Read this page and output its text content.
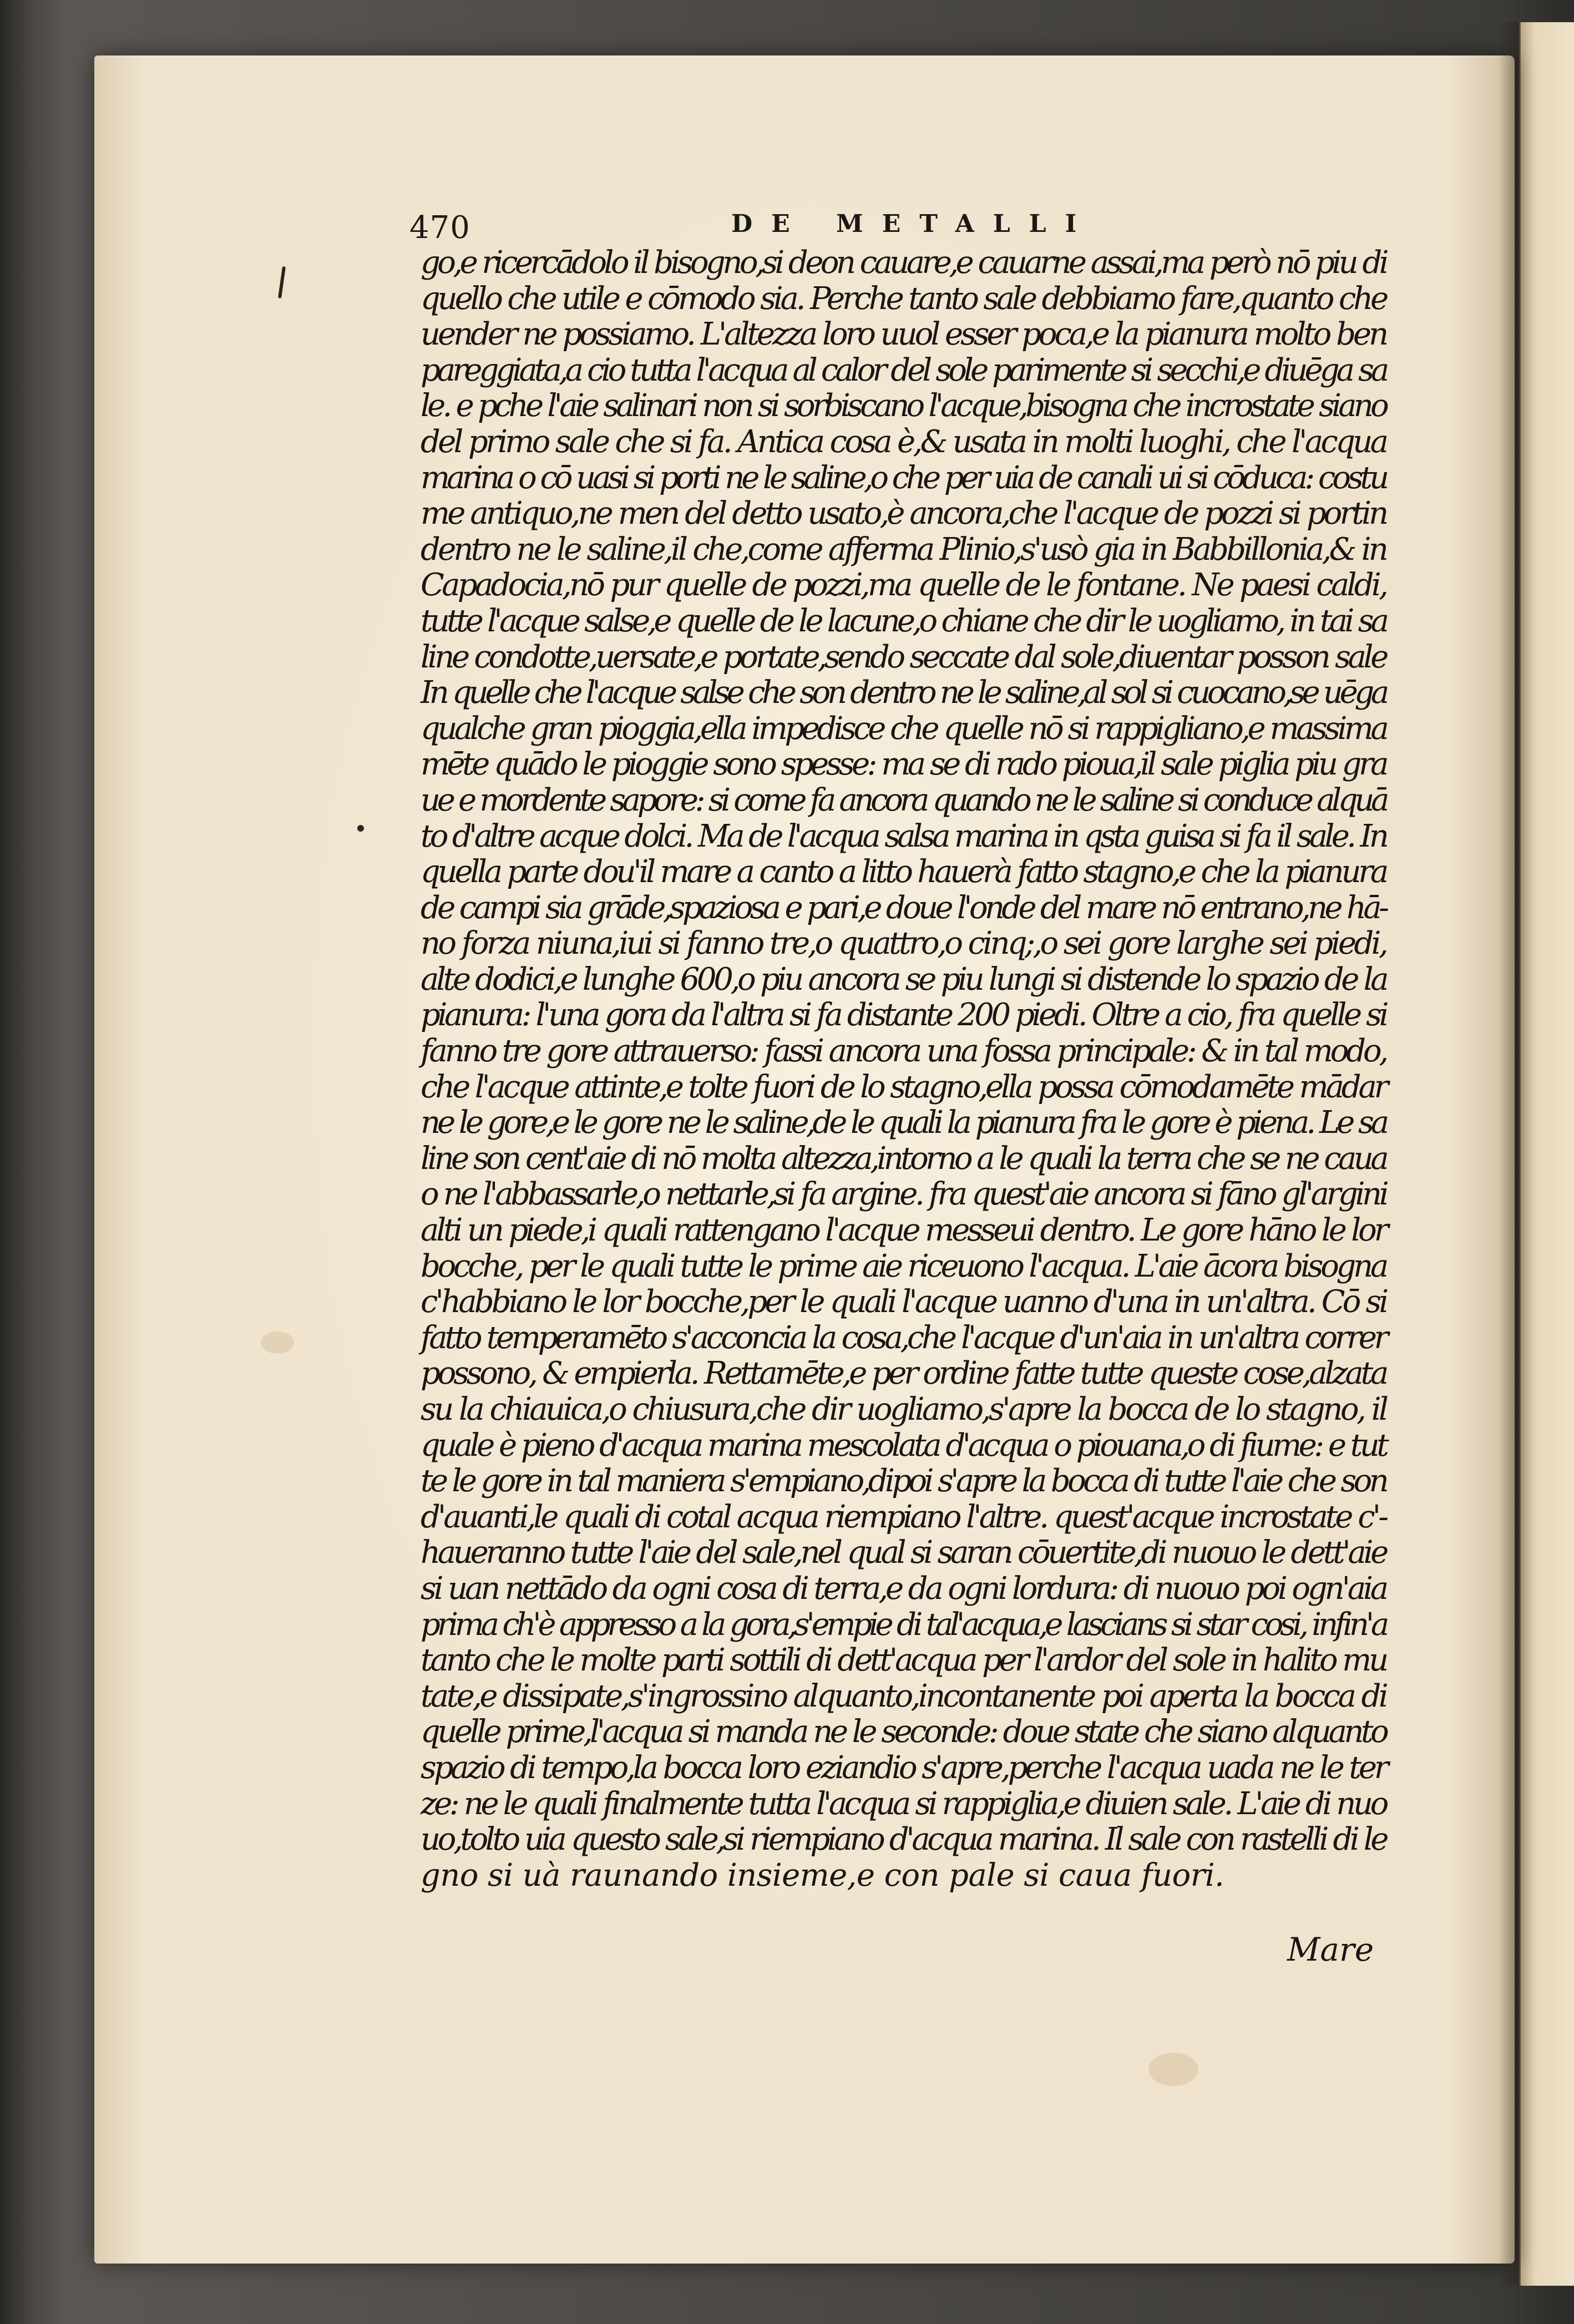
470	DE METALLI
go,e ricercādolo il bisogno,si deon cauare,e cauarne assai,ma però nō piu di
quello che utile e cōmodo sia. Perche tanto sale debbiamo fare,quanto che
uender ne possiamo. L'altezza loro uuol esser poca,e la pianura molto ben
pareggiata,a cio tutta l'acqua al calor del sole parimente si secchi,e diuēga sa
le. e pche l'aie salinari non si sorbiscano l'acque,bisogna che incrostate siano
del primo sale che si fa. Antica cosa è,& usata in molti luoghi, che l'acqua
marina o cō uasi si porti ne le saline,o che per uia de canali ui si cōduca: costu
me antiquo,ne men del detto usato,è ancora,che l'acque de pozzi si portin
dentro ne le saline,il che,come afferma Plinio,s'usò gia in Babbillonia,& in
Capadocia,nō pur quelle de pozzi,ma quelle de le fontane. Ne paesi caldi,
tutte l'acque salse,e quelle de le lacune,o chiane che dir le uogliamo, in tai sa
line condotte,uersate,e portate,sendo seccate dal sole,diuentar posson sale
In quelle che l'acque salse che son dentro ne le saline,al sol si cuocano,se uēga
qualche gran pioggia,ella impedisce che quelle nō si rappigliano,e massima
mēte quādo le pioggie sono spesse: ma se di rado pioua,il sale piglia piu gra
ue e mordente sapore: si come fa ancora quando ne le saline si conduce alquā
to d'altre acque dolci. Ma de l'acqua salsa marina in qsta guisa si fa il sale. In
quella parte dou'il mare a canto a litto hauerà fatto stagno,e che la pianura
de campi sia grāde,spaziosa e pari,e doue l'onde del mare nō entrano,ne hā-
no forza niuna,iui si fanno tre,o quattro,o cinq;,o sei gore larghe sei piedi,
alte dodici,e lunghe 600,o piu ancora se piu lungi si distende lo spazio de la
pianura: l'una gora da l'altra si fa distante 200 piedi. Oltre a cio, fra quelle si
fanno tre gore attrauerso: fassi ancora una fossa principale: & in tal modo,
che l'acque attinte,e tolte fuori de lo stagno,ella possa cōmodamēte mādar
ne le gore,e le gore ne le saline,de le quali la pianura fra le gore è piena. Le sa
line son cent'aie di nō molta altezza,intorno a le quali la terra che se ne caua
o ne l'abbassarle,o nettarle,si fa argine. fra quest'aie ancora si fāno gl'argini
alti un piede,i quali rattengano l'acque messeui dentro. Le gore hāno le lor
bocche, per le quali tutte le prime aie riceuono l'acqua. L'aie ācora bisogna
c'habbiano le lor bocche,per le quali l'acque uanno d'una in un'altra. Cō si
fatto temperamēto s'acconcia la cosa,che l'acque d'un'aia in un'altra correr
possono, & empierla. Rettamēte,e per ordine fatte tutte queste cose,alzata
su la chiauica,o chiusura,che dir uogliamo,s'apre la bocca de lo stagno, il
quale è pieno d'acqua marina mescolata d'acqua o piouana,o di fiume: e tut
te le gore in tal maniera s'empiano,dipoi s'apre la bocca di tutte l'aie che son
d'auanti,le quali di cotal acqua riempiano l'altre. quest'acque incrostate c'-
haueranno tutte l'aie del sale,nel qual si saran cōuertite,di nuouo le dett'aie
si uan nettādo da ogni cosa di terra,e da ogni lordura: di nuouo poi ogn'aia
prima ch'è appresso a la gora,s'empie di tal'acqua,e lascians si star cosi, infin'a
tanto che le molte parti sottili di dett'acqua per l'ardor del sole in halito mu
tate,e dissipate,s'ingrossino alquanto,incontanente poi aperta la bocca di
quelle prime,l'acqua si manda ne le seconde: doue state che siano alquanto
spazio di tempo,la bocca loro eziandio s'apre,perche l'acqua uada ne le ter
ze: ne le quali finalmente tutta l'acqua si rappiglia,e diuien sale. L'aie di nuo
uo,tolto uia questo sale,si riempiano d'acqua marina. Il sale con rastelli di le
gno si uà raunando insieme,e con pale si caua fuori.
Mare
